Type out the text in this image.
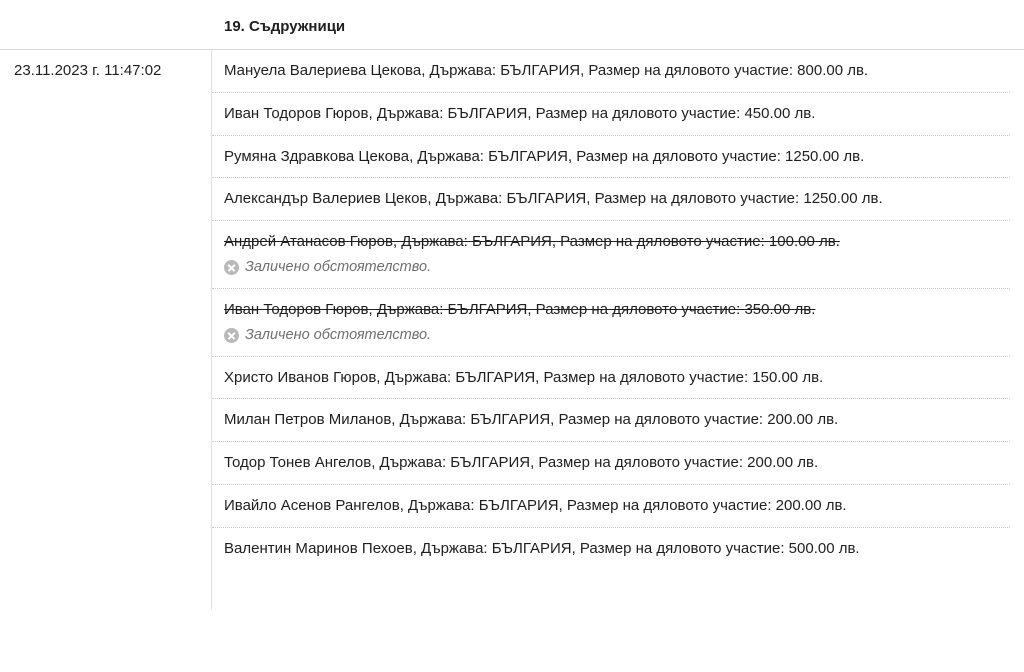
19. Съдружници
23.11.2023 г. 11:47:02	Мануела Валериева Цекова, Държава: БЪЛГАРИЯ, Размер на дяловото участие: 800.00 лв.
Иван Тодоров Гюров, Държава: БЪЛГАРИЯ, Размер на дяловото участие: 450.00 лв.
Румяна Здравкова Цекова, Държава: БЪЛГАРИЯ, Размер на дяловото участие: 1250.00 лв.
Александър Валериев Цеков, Държава: БЪЛГАРИЯ, Размер на дяловото участие: 1250.00 лв.
Андрей Атанасов Гюров, Държава: БЪЛГАРИЯ, Размер на дяловото участие: 100.00 лв.
Заличено обстоятелство.
Иван Тодоров Гюров, Държава: БЪЛГАРИЯ, Размер на дяловото участие: 350.00 лв.
Заличено обстоятелство.
Христо Иванов Гюров, Държава: БЪЛГАРИЯ, Размер на дяловото участие: 150.00 лв.
Милан Петров Миланов, Държава: БЪЛГАРИЯ, Размер на дяловото участие: 200.00 лв.
Тодор Тонев Ангелов, Държава: БЪЛГАРИЯ, Размер на дяловото участие: 200.00 лв.
Ивайло Асенов Рангелов, Държава: БЪЛГАРИЯ, Размер на дяловото участие: 200.00 лв.
Валентин Маринов Пехоев, Държава: БЪЛГАРИЯ, Размер на дяловото участие: 500.00 лв.
